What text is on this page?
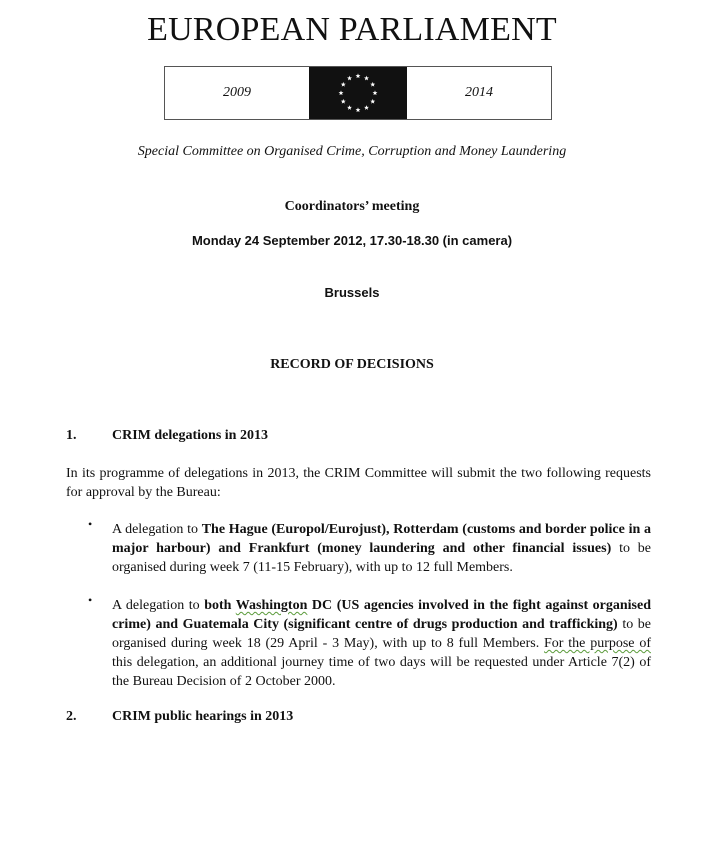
EUROPEAN PARLIAMENT
2009	2014
Special Committee on Organised Crime, Corruption and Money Laundering
Coordinators’ meeting
Monday 24 September 2012, 17.30-18.30 (in camera)
Brussels
RECORD OF DECISIONS
1.	CRIM delegations in 2013
In its programme of delegations in 2013, the CRIM Committee will submit the two following requests for approval by the Bureau:
• A delegation to The Hague (Europol/Eurojust), Rotterdam (customs and border police in a major harbour) and Frankfurt (money laundering and other financial issues) to be organised during week 7 (11-15 February), with up to 12 full Members.
• A delegation to both Washington DC (US agencies involved in the fight against organised crime) and Guatemala City (significant centre of drugs production and trafficking) to be organised during week 18 (29 April - 3 May), with up to 8 full Members. For the purpose of this delegation, an additional journey time of two days will be requested under Article 7(2) of the Bureau Decision of 2 October 2000.
2.	CRIM public hearings in 2013
